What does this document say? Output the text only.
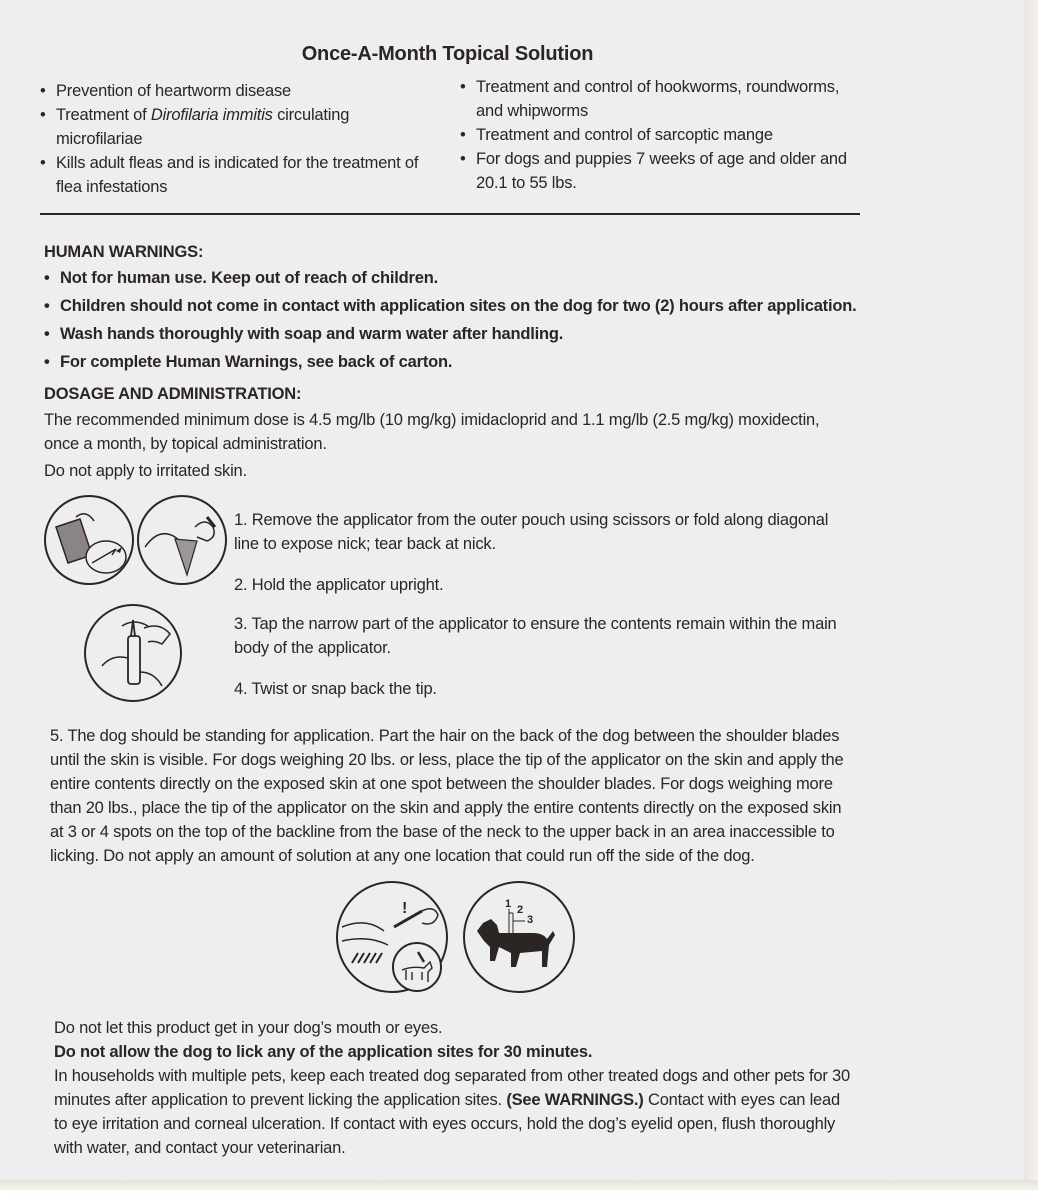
Once-A-Month Topical Solution
• Prevention of heartworm disease
• Treatment of Dirofilaria immitis circulating microfilariae
• Kills adult fleas and is indicated for the treatment of flea infestations
• Treatment and control of hookworms, roundworms, and whipworms
• Treatment and control of sarcoptic mange
• For dogs and puppies 7 weeks of age and older and 20.1 to 55 lbs.
HUMAN WARNINGS:
• Not for human use. Keep out of reach of children.
• Children should not come in contact with application sites on the dog for two (2) hours after application.
• Wash hands thoroughly with soap and warm water after handling.
• For complete Human Warnings, see back of carton.
DOSAGE AND ADMINISTRATION:
The recommended minimum dose is 4.5 mg/lb (10 mg/kg) imidacloprid and 1.1 mg/lb (2.5 mg/kg) moxidectin, once a month, by topical administration.
Do not apply to irritated skin.
1. Remove the applicator from the outer pouch using scissors or fold along diagonal line to expose nick; tear back at nick.
2. Hold the applicator upright.
3. Tap the narrow part of the applicator to ensure the contents remain within the main body of the applicator.
4. Twist or snap back the tip.
5. The dog should be standing for application. Part the hair on the back of the dog between the shoulder blades until the skin is visible. For dogs weighing 20 lbs. or less, place the tip of the applicator on the skin and apply the entire contents directly on the exposed skin at one spot between the shoulder blades. For dogs weighing more than 20 lbs., place the tip of the applicator on the skin and apply the entire contents directly on the exposed skin at 3 or 4 spots on the top of the backline from the base of the neck to the upper back in an area inaccessible to licking. Do not apply an amount of solution at any one location that could run off the side of the dog.
!	1 2
3
Do not let this product get in your dog’s mouth or eyes.
Do not allow the dog to lick any of the application sites for 30 minutes.
In households with multiple pets, keep each treated dog separated from other treated dogs and other pets for 30 minutes after application to prevent licking the application sites. (See WARNINGS.) Contact with eyes can lead to eye irritation and corneal ulceration. If contact with eyes occurs, hold the dog’s eyelid open, flush thoroughly with water, and contact your veterinarian.
